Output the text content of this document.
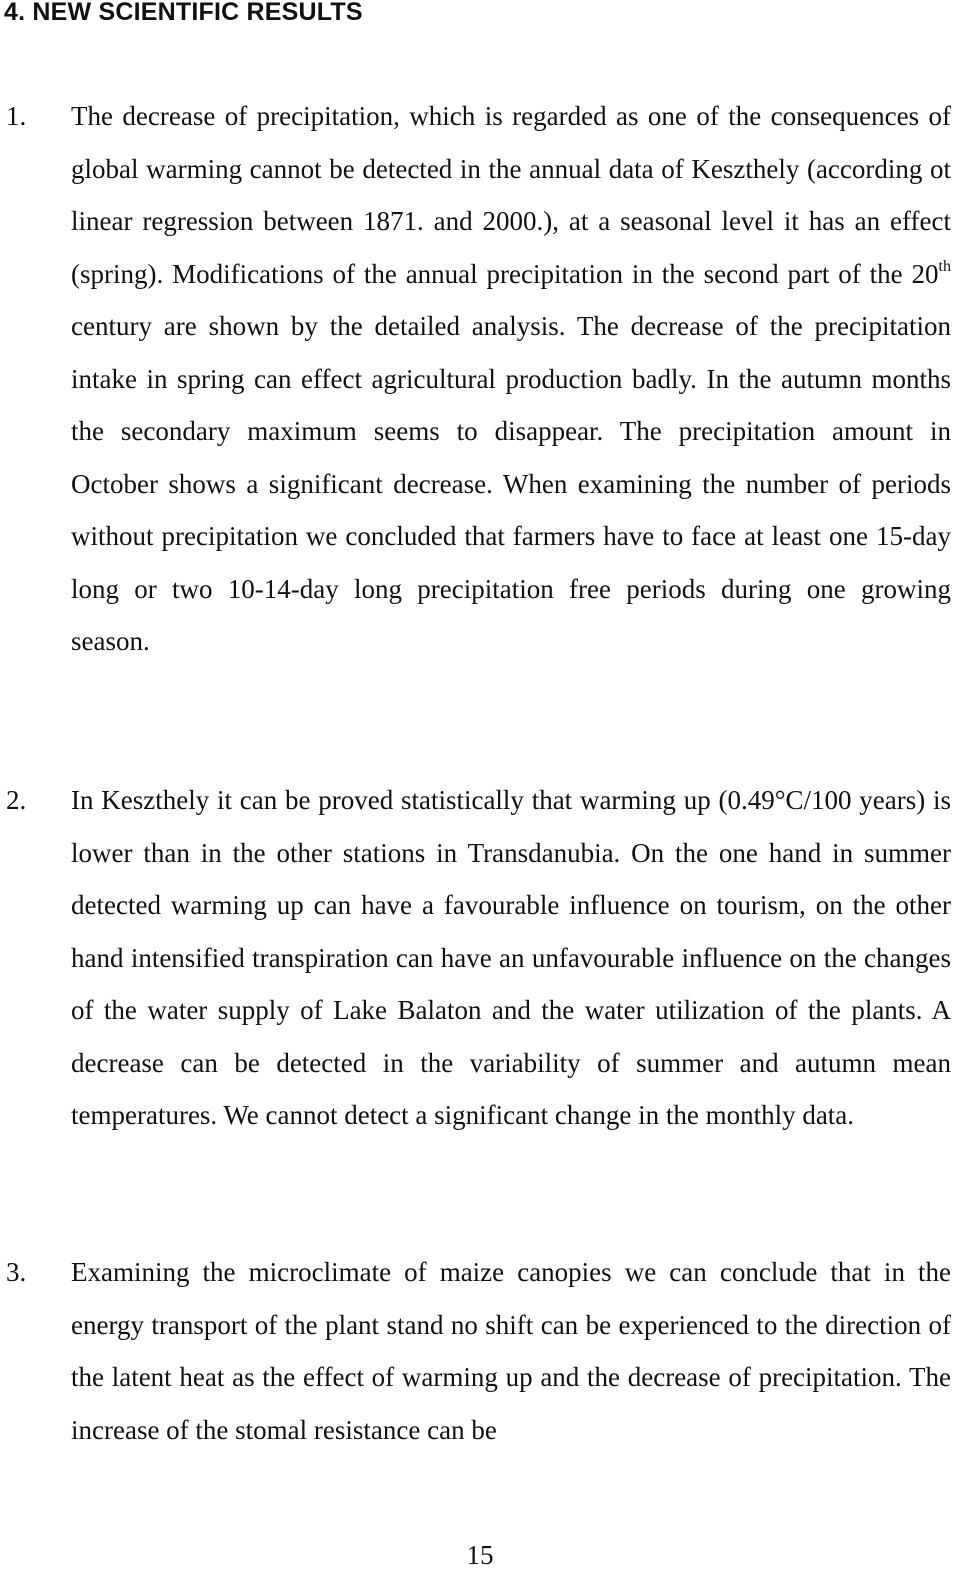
4. NEW SCIENTIFIC RESULTS
1. The decrease of precipitation, which is regarded as one of the consequences of global warming cannot be detected in the annual data of Keszthely (according ot linear regression between 1871. and 2000.), at a seasonal level it has an effect (spring). Modifications of the annual precipitation in the second part of the 20th century are shown by the detailed analysis. The decrease of the precipitation intake in spring can effect agricultural production badly. In the autumn months the secondary maximum seems to disappear. The precipitation amount in October shows a significant decrease. When examining the number of periods without precipitation we concluded that farmers have to face at least one 15-day long or two 10-14-day long precipitation free periods during one growing season.

2. In Keszthely it can be proved statistically that warming up (0.49°C/100 years) is lower than in the other stations in Transdanubia. On the one hand in summer detected warming up can have a favourable influence on tourism, on the other hand intensified transpiration can have an unfavourable influence on the changes of the water supply of Lake Balaton and the water utilization of the plants. A decrease can be detected in the variability of summer and autumn mean temperatures. We cannot detect a significant change in the monthly data.

3. Examining the microclimate of maize canopies we can conclude that in the energy transport of the plant stand no shift can be experienced to the direction of the latent heat as the effect of warming up and the decrease of precipitation. The increase of the stomal resistance can be

15
